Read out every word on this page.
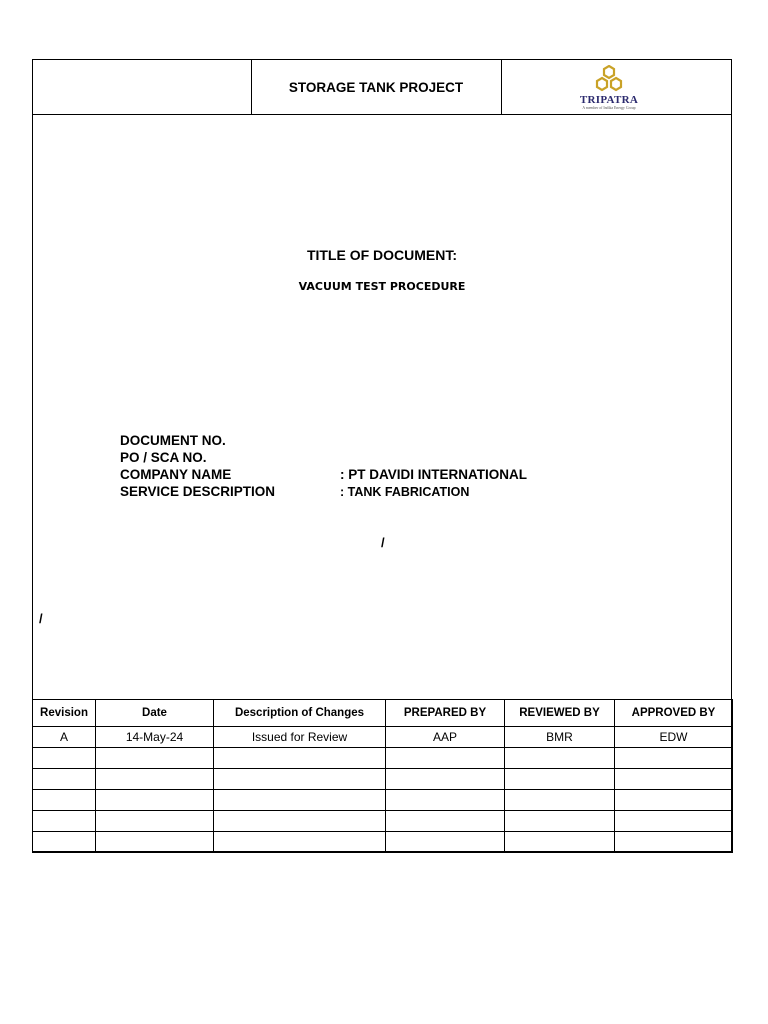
STORAGE TANK PROJECT
TRIPATRA
A member of Indika Energy Group
TITLE OF DOCUMENT:
VACUUM TEST PROCEDURE
DOCUMENT NO.
PO / SCA NO.
COMPANY NAME	: PT DAVIDI INTERNATIONAL
SERVICE DESCRIPTION	: TANK FABRICATION
/
/
Revision	Date	Description of Changes	PREPARED BY	REVIEWED BY	APPROVED BY
A	14-May-24	Issued for Review	AAP	BMR	EDW
